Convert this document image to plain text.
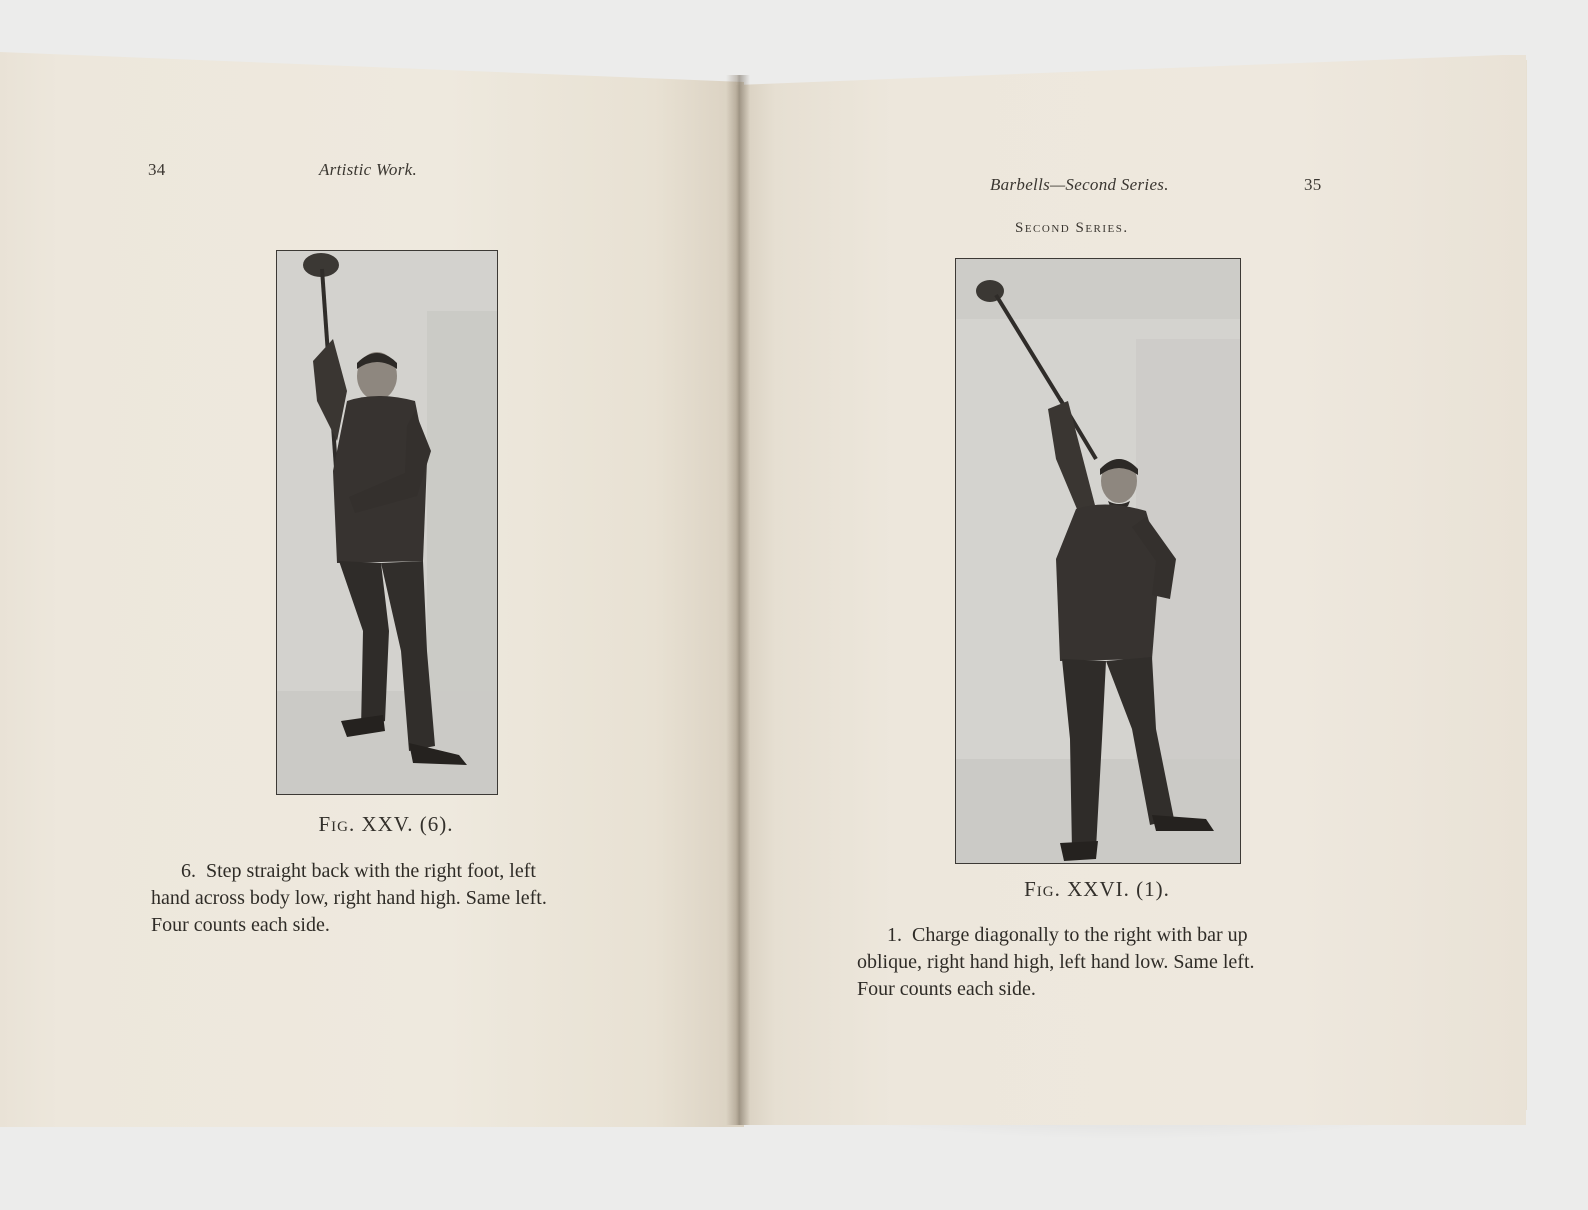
34	Artistic Work.
Fig. XXV. (6).

6. Step straight back with the right foot, left

hand across body low, right hand high. Same left.

Four counts each side.

Barbells—Second Series.	35
Second Series.
Fig. XXVI. (1).

1. Charge diagonally to the right with bar up

oblique, right hand high, left hand low. Same left.

Four counts each side.
